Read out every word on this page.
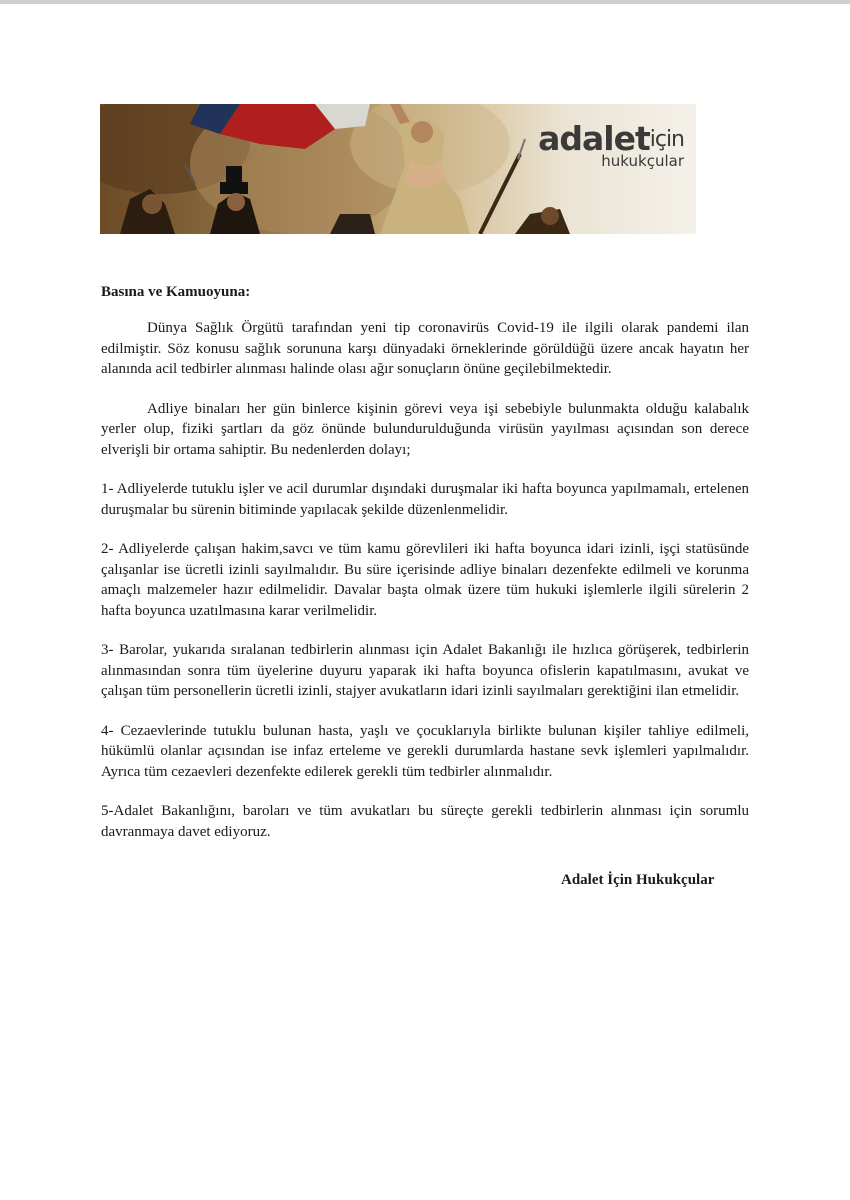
adaletiçin
hukukçular
Basına ve Kamuoyuna:

Dünya Sağlık Örgütü tarafından yeni tip coronavirüs Covid-19 ile ilgili olarak pandemi ilan edilmiştir. Söz konusu sağlık sorununa karşı dünyadaki örneklerinde görüldüğü üzere ancak hayatın her alanında acil tedbirler alınması halinde olası ağır sonuçların önüne geçilebilmektedir.

Adliye binaları her gün binlerce kişinin görevi veya işi sebebiyle bulunmakta olduğu kalabalık yerler olup, fiziki şartları da göz önünde bulundurulduğunda virüsün yayılması açısından son derece elverişli bir ortama sahiptir. Bu nedenlerden dolayı;

1- Adliyelerde tutuklu işler ve acil durumlar dışındaki duruşmalar iki hafta boyunca yapılmamalı, ertelenen duruşmalar bu sürenin bitiminde yapılacak şekilde düzenlenmelidir.

2- Adliyelerde çalışan hakim,savcı ve tüm kamu görevlileri iki hafta boyunca idari izinli, işçi statüsünde çalışanlar ise ücretli izinli sayılmalıdır. Bu süre içerisinde adliye binaları dezenfekte edilmeli ve korunma amaçlı malzemeler hazır edilmelidir. Davalar başta olmak üzere tüm hukuki işlemlerle ilgili sürelerin 2 hafta boyunca uzatılmasına karar verilmelidir.

3- Barolar, yukarıda sıralanan tedbirlerin alınması için Adalet Bakanlığı ile hızlıca görüşerek, tedbirlerin alınmasından sonra tüm üyelerine duyuru yaparak iki hafta boyunca ofislerin kapatılmasını, avukat ve çalışan tüm personellerin ücretli izinli, stajyer avukatların idari izinli sayılmaları gerektiğini ilan etmelidir.

4- Cezaevlerinde tutuklu bulunan hasta, yaşlı ve çocuklarıyla birlikte bulunan kişiler tahliye edilmeli, hükümlü olanlar açısından ise infaz erteleme ve gerekli durumlarda hastane sevk işlemleri yapılmalıdır. Ayrıca tüm cezaevleri dezenfekte edilerek gerekli tüm tedbirler alınmalıdır.

5-Adalet Bakanlığını, baroları ve tüm avukatları bu süreçte gerekli tedbirlerin alınması için sorumlu davranmaya davet ediyoruz.

Adalet İçin Hukukçular
